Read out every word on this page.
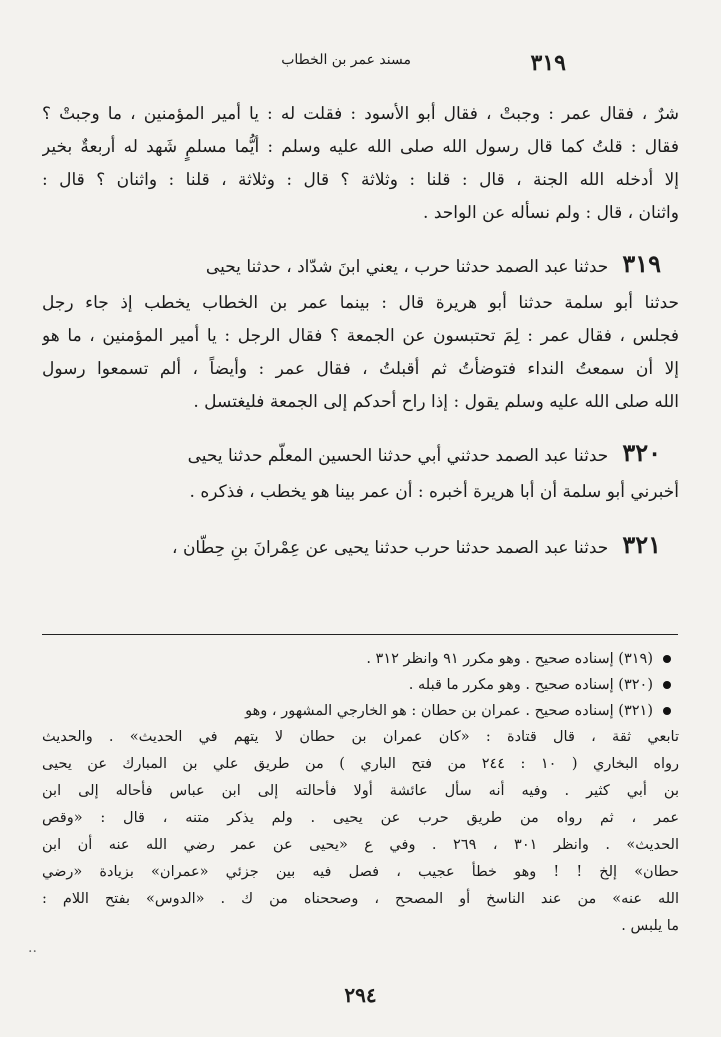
٣١٩
مسند عمر بن الخطاب
شرٌ ، فقال عمر : وجبتْ ، فقال أبو الأسود : فقلت له : يا أمير المؤمنين ، ما وجبتْ ؟
فقال : قلتُ كما قال رسول الله صلى الله عليه وسلم : أيُّما مسلمٍ شَهد له أربعةٌ بخير
إلا أدخله الله الجنة ، قال : قلنا : وثلاثة ؟ قال : وثلاثة ، قلنا : واثنان ؟ قال :
واثنان ، قال : ولم نسأله عن الواحد .
٣١٩حدثنا عبد الصمد حدثنا حرب ، يعني ابنَ شدّاد ، حدثنا يحيى
حدثنا أبو سلمة حدثنا أبو هريرة قال : بينما عمر بن الخطاب يخطب إذ جاء رجل
فجلس ، فقال عمر : لِمَ تحتبسون عن الجمعة ؟ فقال الرجل : يا أمير المؤمنين ، ما هو
إلا أن سمعتُ النداء فتوضأتُ ثم أقبلتُ ، فقال عمر : وأيضاً ، ألم تسمعوا رسول
الله صلى الله عليه وسلم يقول : إذا راح أحدكم إلى الجمعة فليغتسل .
٣٢٠حدثنا عبد الصمد حدثني أبي حدثنا الحسين المعلّم حدثنا يحيى
أخبرني أبو سلمة أن أبا هريرة أخبره : أن عمر بينا هو يخطب ، فذكره .
٣٢١حدثنا عبد الصمد حدثنا حرب حدثنا يحيى عن عِمْرانَ بنِ حِطّان ،
(٣١٩) إسناده صحيح . وهو مكرر ٩١ وانظر ٣١٢ .
(٣٢٠) إسناده صحيح . وهو مكرر ما قبله .
(٣٢١) إسناده صحيح . عمران بن حطان : هو الخارجي المشهور ، وهو
تابعي ثقة ، قال قتادة : «كان عمران بن حطان لا يتهم في الحديث» . والحديث
رواه البخاري ( ١٠ : ٢٤٤ من فتح الباري ) من طريق علي بن المبارك عن يحيى
بن أبي كثير . وفيه أنه سأل عائشة أولا فأحالته إلى ابن عباس فأحاله إلى ابن
عمر ، ثم رواه من طريق حرب عن يحيى . ولم يذكر متنه ، قال : «وقص
الحديث» . وانظر ٣٠١ ، ٢٦٩ . وفي ع «يحيى عن عمر رضي الله عنه أن ابن
حطان» إلخ ! ! وهو خطأ عجيب ، فصل فيه بين جزئي «عمران» بزيادة «رضي
الله عنه» من عند الناسخ أو المصحح ، وصححناه من ك . «الدوس» بفتح اللام :
ما يلبس .
..
٢٩٤
